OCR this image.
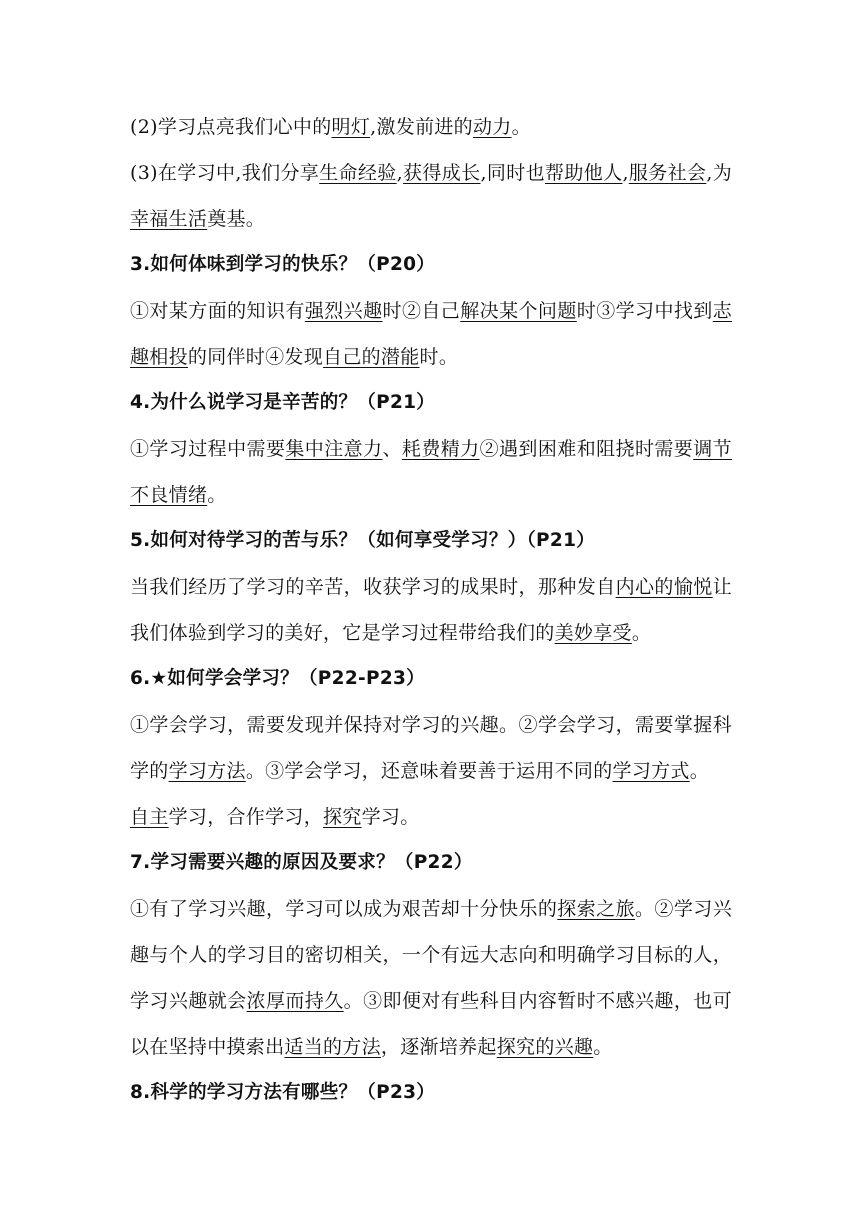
(2)学习点亮我们心中的明灯,激发前进的动力。

(3)在学习中,我们分享生命经验,获得成长,同时也帮助他人,服务社会,为幸福生活奠基。

3.如何体味到学习的快乐？（P20）

①对某方面的知识有强烈兴趣时②自己解决某个问题时③学习中找到志趣相投的同伴时④发现自己的潜能时。

4.为什么说学习是辛苦的？（P21）

①学习过程中需要集中注意力、耗费精力②遇到困难和阻挠时需要调节不良情绪。

5.如何对待学习的苦与乐？（如何享受学习？）（P21）

当我们经历了学习的辛苦，收获学习的成果时，那种发自内心的愉悦让我们体验到学习的美好，它是学习过程带给我们的美妙享受。

6.★如何学会学习？（P22-P23）

①学会学习，需要发现并保持对学习的兴趣。②学会学习，需要掌握科学的学习方法。③学会学习，还意味着要善于运用不同的学习方式。

自主学习，合作学习，探究学习。

7.学习需要兴趣的原因及要求？（P22）

①有了学习兴趣，学习可以成为艰苦却十分快乐的探索之旅。②学习兴趣与个人的学习目的密切相关，一个有远大志向和明确学习目标的人，学习兴趣就会浓厚而持久。③即便对有些科目内容暂时不感兴趣，也可以在坚持中摸索出适当的方法，逐渐培养起探究的兴趣。

8.科学的学习方法有哪些？（P23）
